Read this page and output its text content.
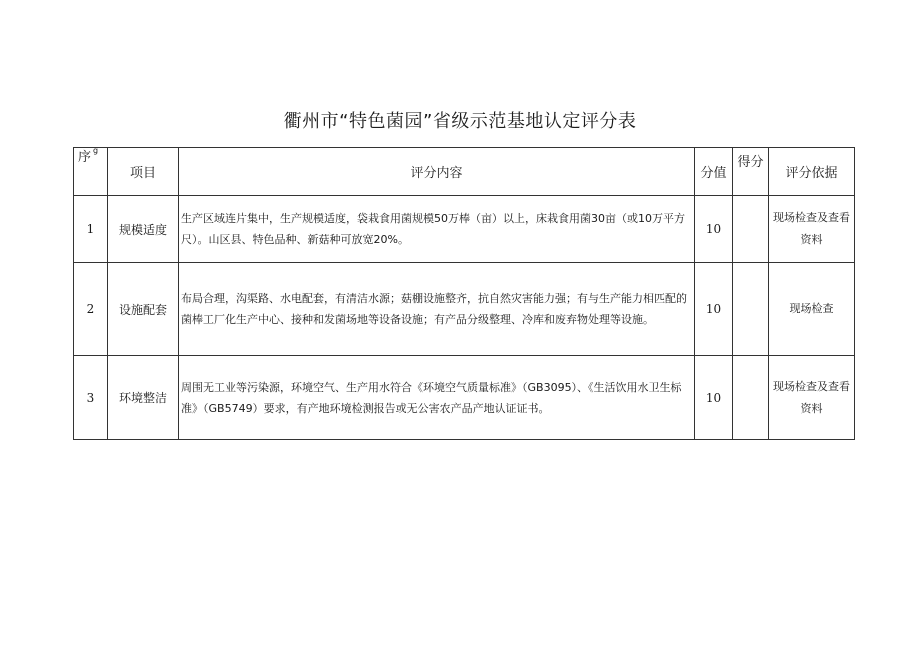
衢州市“特色菌园”省级示范基地认定评分表
序 $^g$	项目	评分内容	分值	得分	评分依据
1	规模适度	生产区域连片集中，生产规模适度，袋栽食用菌规模50万棒（亩）以上，床栽食用菌30亩（或10万平方尺）。山区县、特色品种、新菇种可放宽20%。	10		现场检查及查看资料
2	设施配套	布局合理，沟渠路、水电配套，有清洁水源；菇棚设施整齐，抗自然灾害能力强；有与生产能力相匹配的菌棒工厂化生产中心、接种和发菌场地等设备设施；有产品分级整理、冷库和废弃物处理等设施。	10		现场检查
3	环境整洁	周围无工业等污染源，环境空气、生产用水符合《环境空气质量标准》（GB3095）、《生活饮用水卫生标准》（GB5749）要求，有产地环境检测报告或无公害农产品产地认证证书。	10		现场检查及查看资料
